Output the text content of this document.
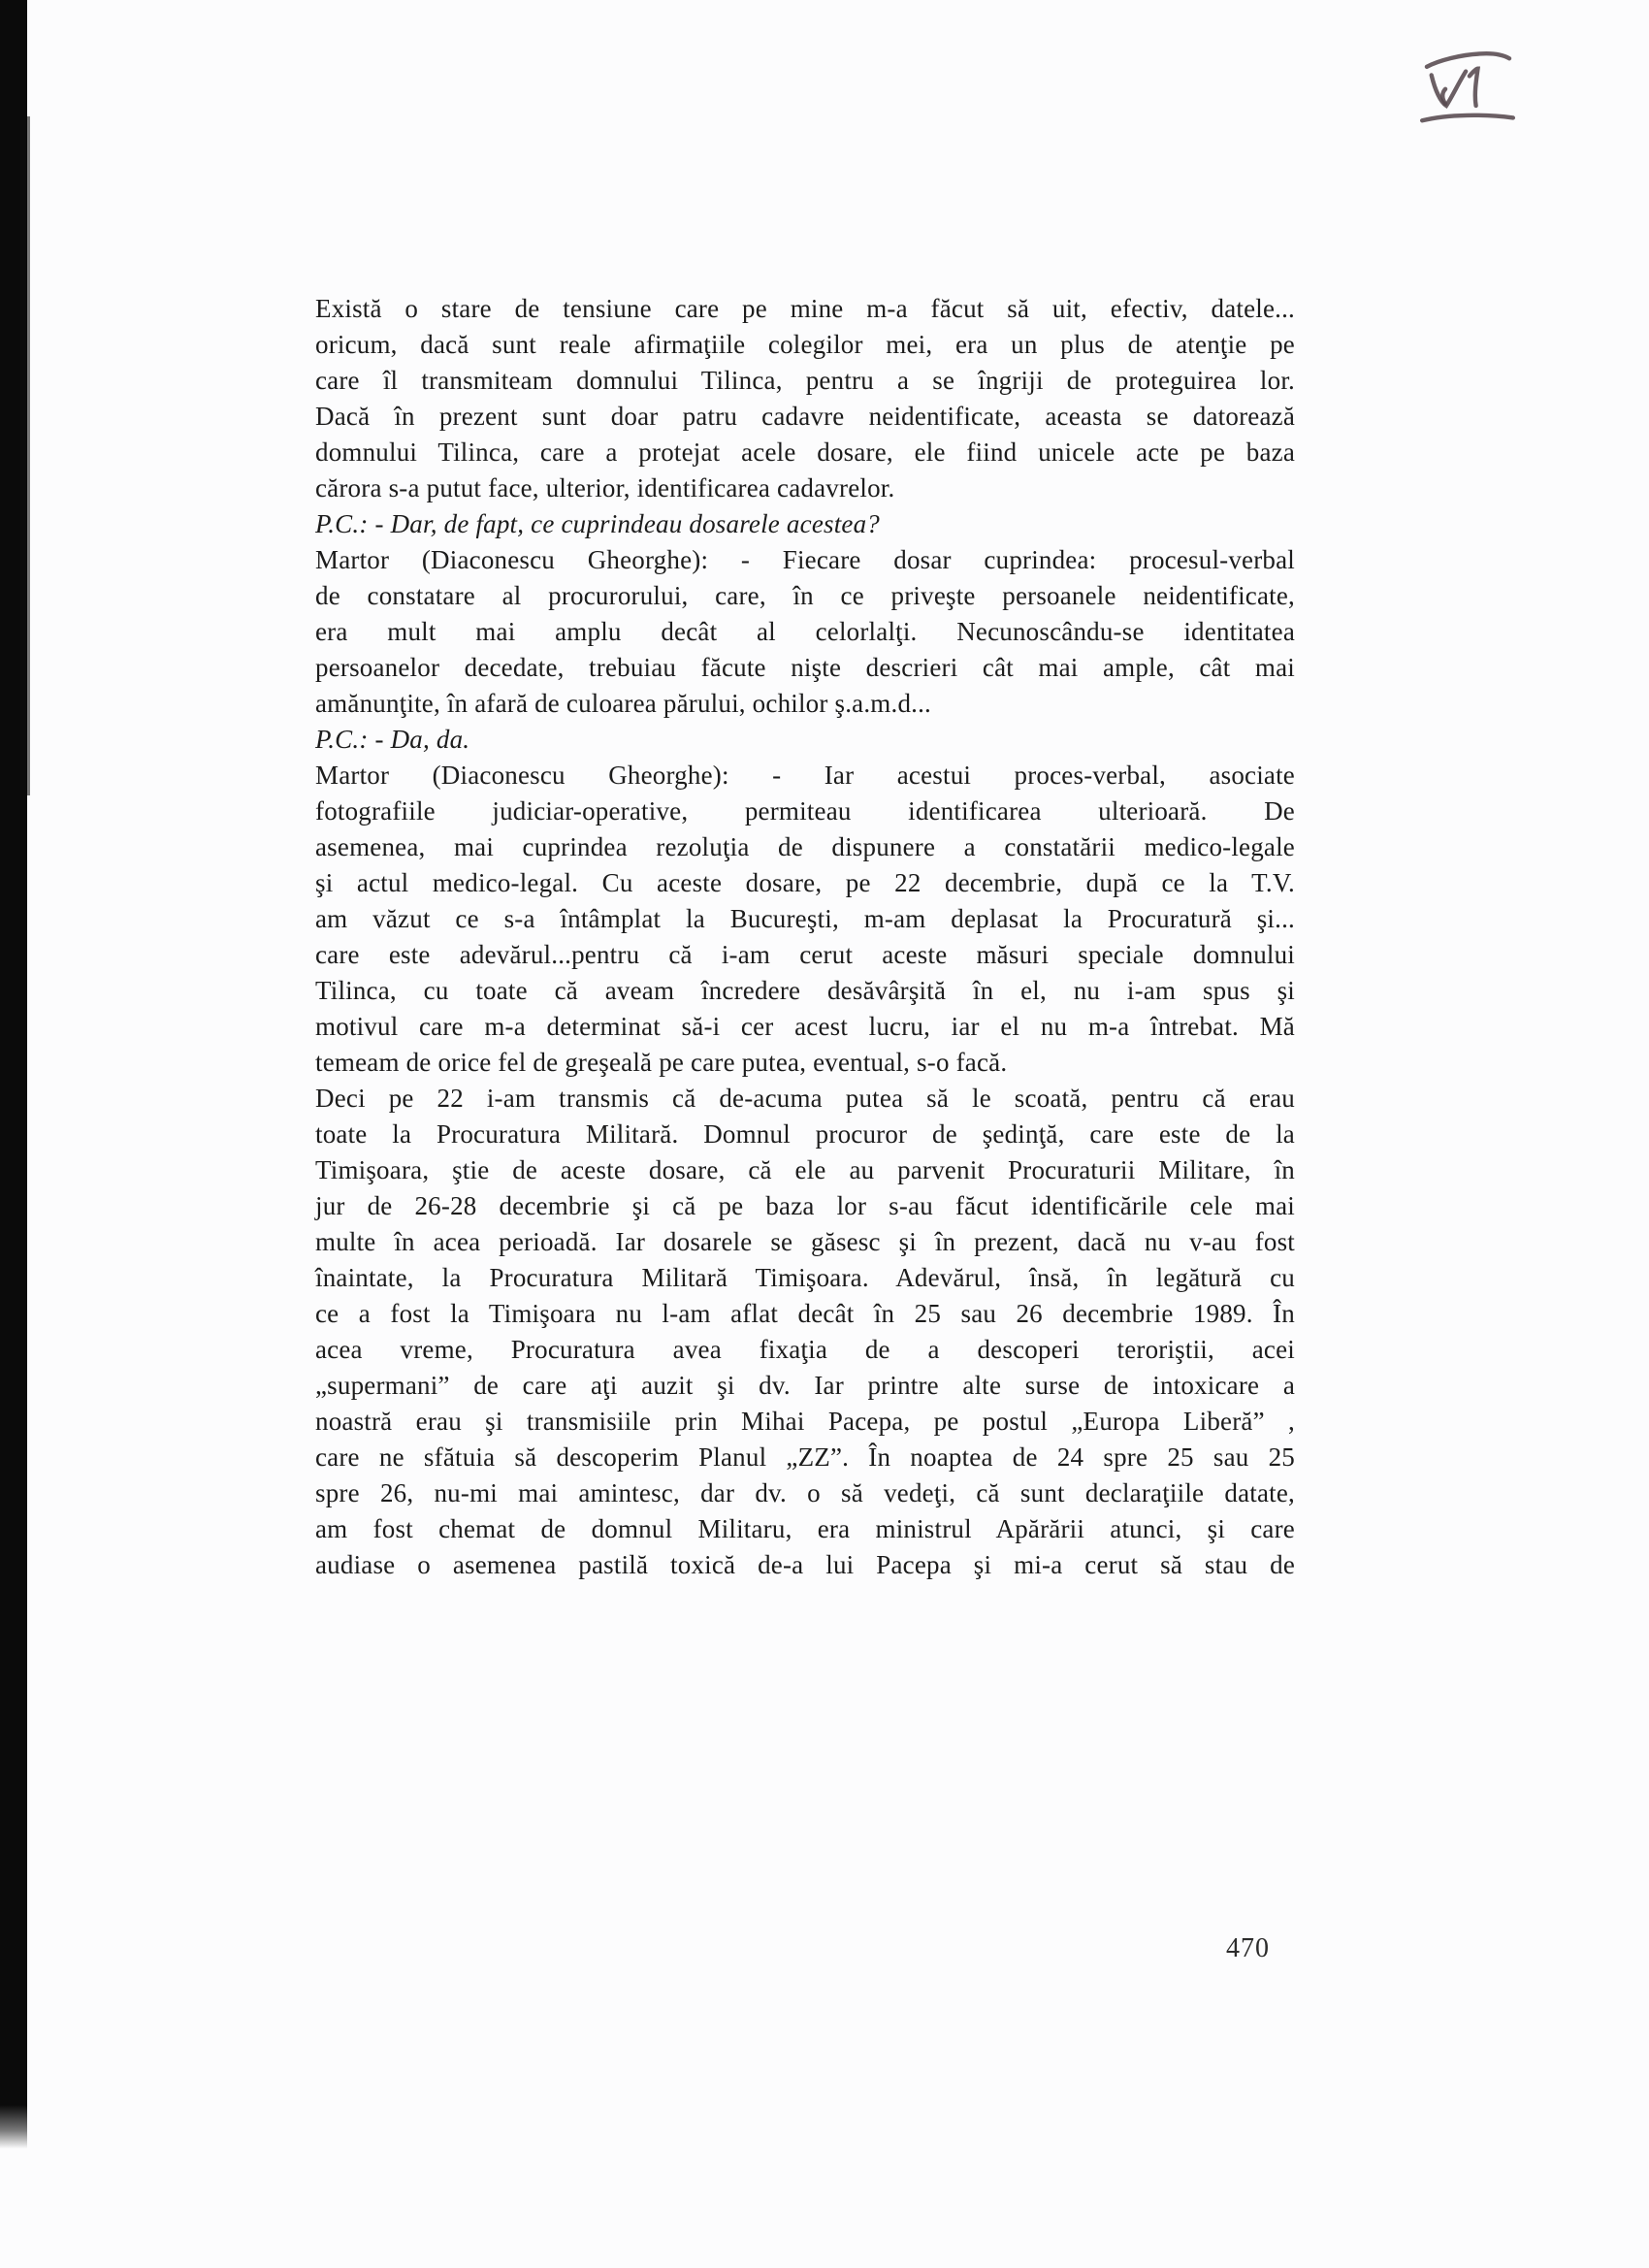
Există o stare de tensiune care pe mine m-a făcut să uit, efectiv, datele...
oricum, dacă sunt reale afirmaţiile colegilor mei, era un plus de atenţie pe
care îl transmiteam domnului Tilinca, pentru a se îngriji de proteguirea lor.
Dacă în prezent sunt doar patru cadavre neidentificate, aceasta se datorează
domnului Tilinca, care a protejat acele dosare, ele fiind unicele acte pe baza
cărora s-a putut face, ulterior, identificarea cadavrelor.
P.C.: - Dar, de fapt, ce cuprindeau dosarele acestea?
Martor (Diaconescu Gheorghe): - Fiecare dosar cuprindea: procesul-verbal
de constatare al procurorului, care, în ce priveşte persoanele neidentificate,
era mult mai amplu decât al celorlalţi. Necunoscându-se identitatea
persoanelor decedate, trebuiau făcute nişte descrieri cât mai ample, cât mai
amănunţite, în afară de culoarea părului, ochilor ş.a.m.d...
P.C.: - Da, da.
Martor (Diaconescu Gheorghe): - Iar acestui proces-verbal, asociate
fotografiile judiciar-operative, permiteau identificarea ulterioară. De
asemenea, mai cuprindea rezoluţia de dispunere a constatării medico-legale
şi actul medico-legal. Cu aceste dosare, pe 22 decembrie, după ce la T.V.
am văzut ce s-a întâmplat la Bucureşti, m-am deplasat la Procuratură şi...
care este adevărul...pentru că i-am cerut aceste măsuri speciale domnului
Tilinca, cu toate că aveam încredere desăvârşită în el, nu i-am spus şi
motivul care m-a determinat să-i cer acest lucru, iar el nu m-a întrebat. Mă
temeam de orice fel de greşeală pe care putea, eventual, s-o facă.
Deci pe 22 i-am transmis că de-acuma putea să le scoată, pentru că erau
toate la Procuratura Militară. Domnul procuror de şedinţă, care este de la
Timişoara, ştie de aceste dosare, că ele au parvenit Procuraturii Militare, în
jur de 26-28 decembrie şi că pe baza lor s-au făcut identificările cele mai
multe în acea perioadă. Iar dosarele se găsesc şi în prezent, dacă nu v-au fost
înaintate, la Procuratura Militară Timişoara. Adevărul, însă, în legătură cu
ce a fost la Timişoara nu l-am aflat decât în 25 sau 26 decembrie 1989. În
acea vreme, Procuratura avea fixaţia de a descoperi teroriştii, acei
„supermani” de care aţi auzit şi dv. Iar printre alte surse de intoxicare a
noastră erau şi transmisiile prin Mihai Pacepa, pe postul „Europa Liberă” ,
care ne sfătuia să descoperim Planul „ZZ”. În noaptea de 24 spre 25 sau 25
spre 26, nu-mi mai amintesc, dar dv. o să vedeţi, că sunt declaraţiile datate,
am fost chemat de domnul Militaru, era ministrul Apărării atunci, şi care
audiase o asemenea pastilă toxică de-a lui Pacepa şi mi-a cerut să stau de
470
